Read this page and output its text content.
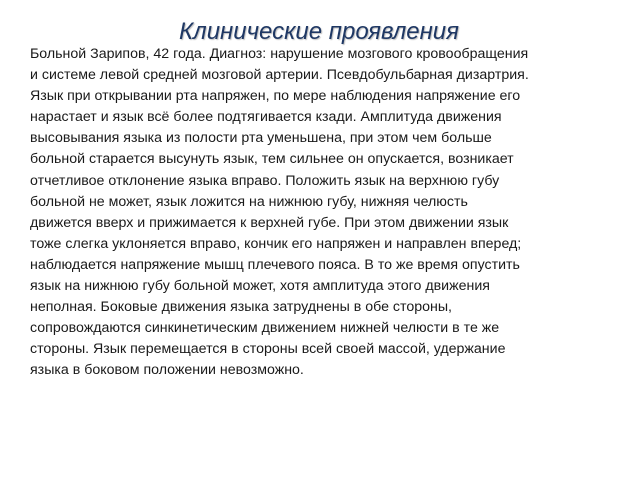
Клинические проявления
Больной Зарипов, 42 года. Диагноз: нарушение мозгового кровообращения
и системе левой средней мозговой артерии. Псевдобульбарная дизартрия.
Язык при открывании рта напряжен, по мере наблюдения напряжение его
нарастает и язык всё более подтягивается кзади. Амплитуда движения
высовывания языка из полости рта уменьшена, при этом чем больше
больной старается высунуть язык, тем сильнее он опускается, возникает
отчетливое отклонение языка вправо. Положить язык на верхнюю губу
больной не может, язык ложится на нижнюю губу, нижняя челюсть
движется вверх и прижимается к верхней губе. При этом движении язык
тоже слегка уклоняется вправо, кончик его напряжен и направлен вперед;
наблюдается напряжение мышц плечевого пояса. В то же время опустить
язык на нижнюю губу больной может, хотя амплитуда этого движения
неполная. Боковые движения языка затруднены в обе стороны,
сопровождаются синкинетическим движением нижней челюсти в те же
стороны. Язык перемещается в стороны всей своей массой, удержание
языка в боковом положении невозможно.
